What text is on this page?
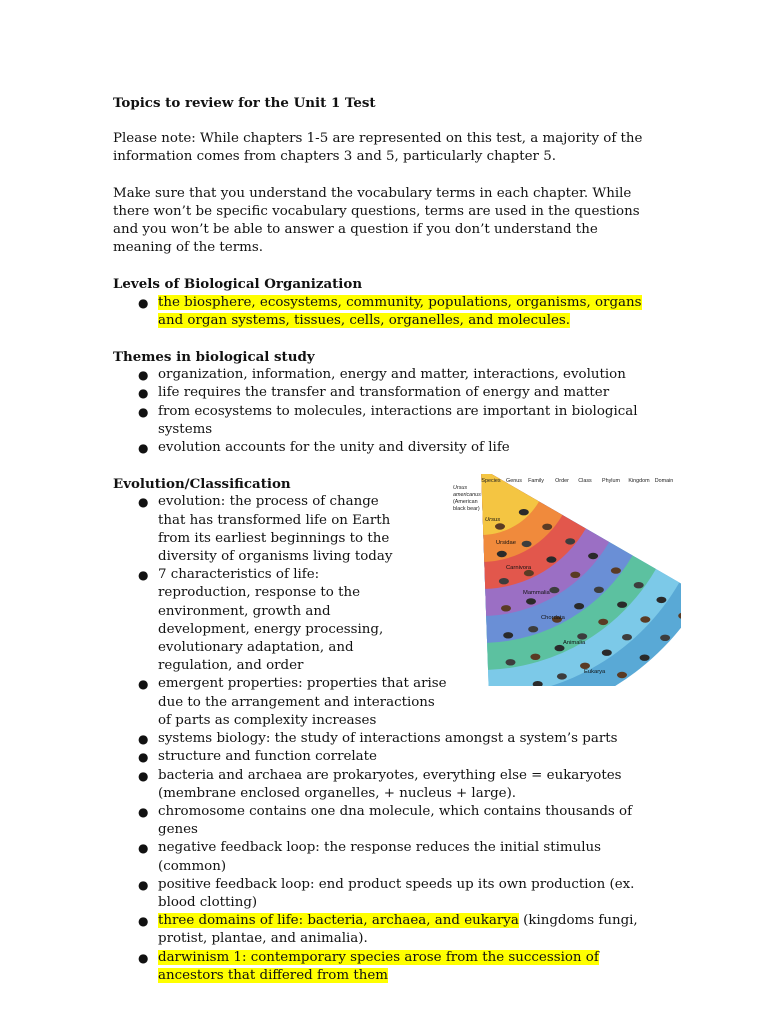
Topics to review for the Unit 1 Test

Please note: While chapters 1-5 are represented on this test, a majority of the information comes from chapters 3 and 5, particularly chapter 5.

Make sure that you understand the vocabulary terms in each chapter. While there won’t be specific vocabulary questions, terms are used in the questions and you won’t be able to answer a question if you don’t understand the meaning of the terms.

Levels of Biological Organization
● the biosphere, ecosystems, community, populations, organisms, organs and organ systems, tissues, cells, organelles, and molecules.
Themes in biological study
● organization, information, energy and matter, interactions, evolution
● life requires the transfer and transformation of energy and matter
● from ecosystems to molecules, interactions are important in biological systems
● evolution accounts for the unity and diversity of life
Evolution/Classification
● evolution: the process of change that has transformed life on Earth from its earliest beginnings to the diversity of organisms living today
● 7 characteristics of life: reproduction, response to the environment, growth and development, energy processing, evolutionary adaptation, and regulation, and order
● emergent properties: properties that arise due to the arrangement and interactions of parts as complexity increases
● systems biology: the study of interactions amongst a system’s parts
● structure and function correlate
● bacteria and archaea are prokaryotes, everything else = eukaryotes (membrane enclosed organelles, + nucleus + large).
● chromosome contains one dna molecule, which contains thousands of genes
● negative feedback loop: the response reduces the initial stimulus (common)
● positive feedback loop: end product speeds up its own production (ex. blood clotting)
● three domains of life: bacteria, archaea, and eukarya (kingdoms fungi, protist, plantae, and animalia).
● darwinism 1: contemporary species arose from the succession of ancestors that differed from them
Species Genus Family Order Class Phylum Kingdom Domain
Ursus
americanus
(American
black bear)
Ursus
Ursidae
Carnivora
Mammalia
Chordata
Animalia
Eukarya
